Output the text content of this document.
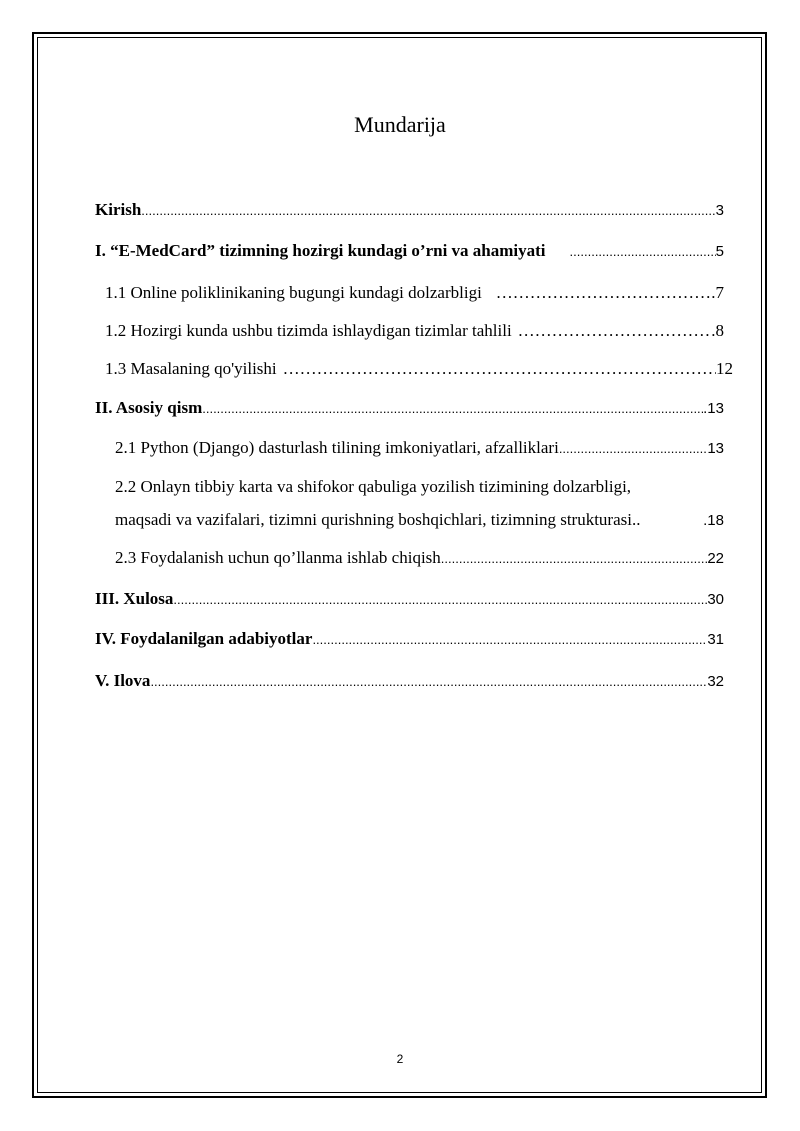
Mundarija
Kirish .....	3
I. “E-MedCard” tizimning hozirgi kundagi o’rni va ahamiyati .....	5
1.1 Online poliklinikaning bugungi kundagi dolzarbligi ……………………………………………………………………………………………………………………………………………………………	.7
1.2 Hozirgi kunda ushbu tizimda ishlaydigan tizimlar tahlili ……………………………………………………………………………………………………………………………………………………………	.8
1.3 Masalaning qo'yilishi ……………………………………………………………………………………………………………………………………………………………	12
II. Asosiy qism .....	.13
2.1 Python (Django) dasturlash tilining imkoniyatlari, afzalliklari .....	13
2.2 Onlayn tibbiy karta va shifokor qabuliga yozilish tizimining dolzarbligi,
maqsadi va vazifalari, tizimni qurishning boshqichlari, tizimning strukturasi..	.18
2.3 Foydalanish uchun qo’llanma ishlab chiqish .....	22
III. Xulosa .....	30
IV. Foydalanilgan adabiyotlar .....	31
V. Ilova .....	32
2
